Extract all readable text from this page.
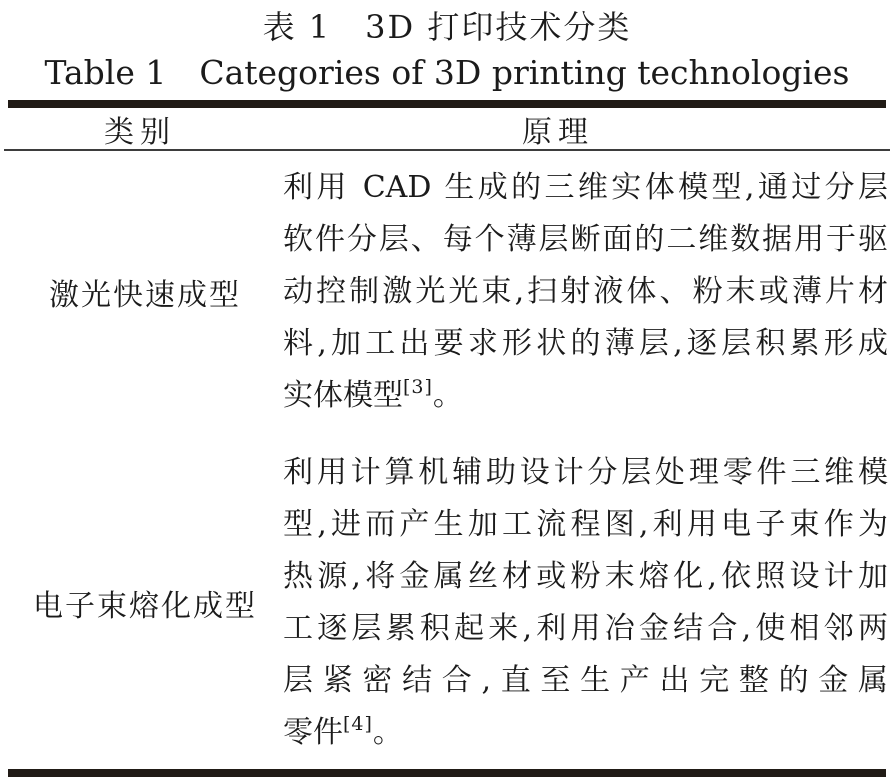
表 1　3D 打印技术分类
Table 1　Categories of 3D printing technologies
类别	原理
激光快速成型
利用 CAD 生成的三维实体模型,通过分层
软件分层、每个薄层断面的二维数据用于驱
动控制激光光束,扫射液体、粉末或薄片材
料,加工出要求形状的薄层,逐层积累形成
实体模型[3]。
电子束熔化成型
利用计算机辅助设计分层处理零件三维模
型,进而产生加工流程图,利用电子束作为
热源,将金属丝材或粉末熔化,依照设计加
工逐层累积起来,利用冶金结合,使相邻两
层紧密结合,直至生产出完整的金属
零件[4]。
